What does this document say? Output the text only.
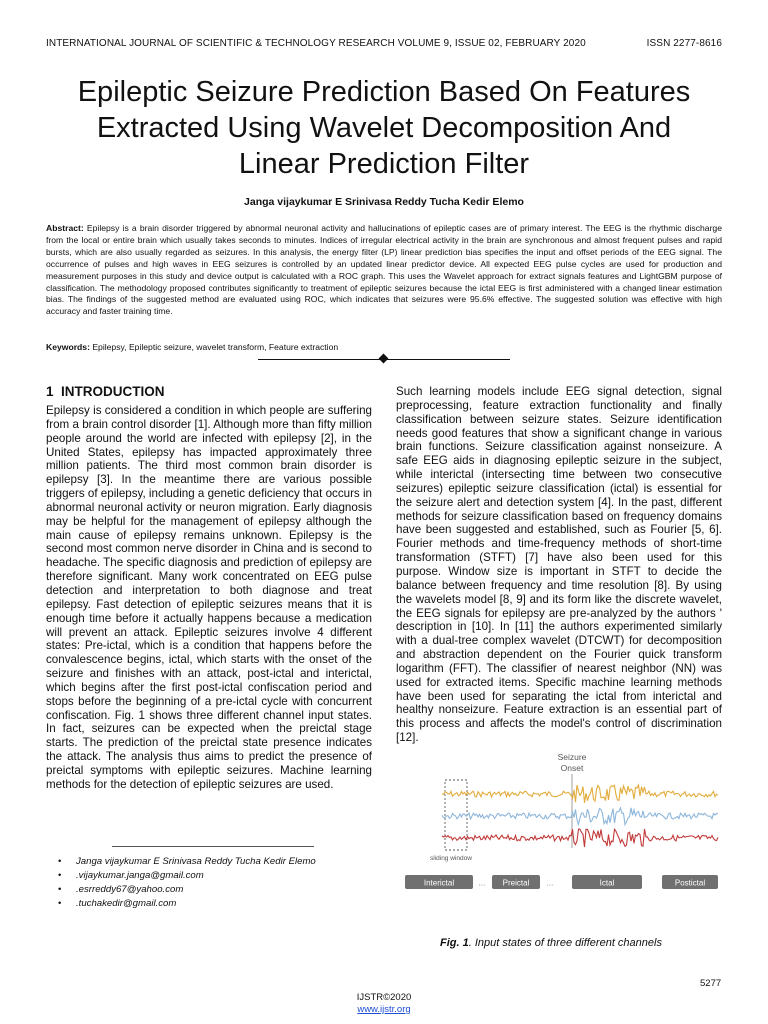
INTERNATIONAL JOURNAL OF SCIENTIFIC & TECHNOLOGY RESEARCH VOLUME 9, ISSUE 02, FEBRUARY 2020	ISSN 2277-8616
Epileptic Seizure Prediction Based On Features
Extracted Using Wavelet Decomposition And
Linear Prediction Filter
Janga vijaykumar E Srinivasa Reddy Tucha Kedir Elemo
Abstract: Epilepsy is a brain disorder triggered by abnormal neuronal activity and hallucinations of epileptic cases are of primary interest. The EEG is the rhythmic discharge from the local or entire brain which usually takes seconds to minutes. Indices of irregular electrical activity in the brain are synchronous and almost frequent pulses and rapid bursts, which are also usually regarded as seizures. In this analysis, the energy filter (LP) linear prediction bias specifies the input and offset periods of the EEG signal. The occurrence of pulses and high waves in EEG seizures is controlled by an updated linear predictor device. All expected EEG pulse cycles are used for production and measurement purposes in this study and device output is calculated with a ROC graph. This uses the Wavelet approach for extract signals features and LightGBM purpose of classification. The methodology proposed contributes significantly to treatment of epileptic seizures because the ictal EEG is first administered with a changed linear estimation bias. The findings of the suggested method are evaluated using ROC, which indicates that seizures were 95.6% effective. The suggested solution was effective with high accuracy and faster training time.
Keywords: Epilepsy, Epileptic seizure, wavelet transform, Feature extraction
1 INTRODUCTION
Epilepsy is considered a condition in which people are suffering from a brain control disorder [1]. Although more than fifty million people around the world are infected with epilepsy [2], in the United States, epilepsy has impacted approximately three million patients. The third most common brain disorder is epilepsy [3]. In the meantime there are various possible triggers of epilepsy, including a genetic deficiency that occurs in abnormal neuronal activity or neuron migration. Early diagnosis may be helpful for the management of epilepsy although the main cause of epilepsy remains unknown. Epilepsy is the second most common nerve disorder in China and is second to headache. The specific diagnosis and prediction of epilepsy are therefore significant. Many work concentrated on EEG pulse detection and interpretation to both diagnose and treat epilepsy. Fast detection of epileptic seizures means that it is enough time before it actually happens because a medication will prevent an attack. Epileptic seizures involve 4 different states: Pre-ictal, which is a condition that happens before the convalescence begins, ictal, which starts with the onset of the seizure and finishes with an attack, post-ictal and interictal, which begins after the first post-ictal confiscation period and stops before the beginning of a pre-ictal cycle with concurrent confiscation. Fig. 1 shows three different channel input states. In fact, seizures can be expected when the preictal stage starts. The prediction of the preictal state presence indicates the attack. The analysis thus aims to predict the presence of preictal symptoms with epileptic seizures. Machine learning methods for the detection of epileptic seizures are used.
Such learning models include EEG signal detection, signal preprocessing, feature extraction functionality and finally classification between seizure states. Seizure identification needs good features that show a significant change in various brain functions. Seizure classification against nonseizure. A safe EEG aids in diagnosing epileptic seizure in the subject, while interictal (intersecting time between two consecutive seizures) epileptic seizure classification (ictal) is essential for the seizure alert and detection system [4]. In the past, different methods for seizure classification based on frequency domains have been suggested and established, such as Fourier [5, 6]. Fourier methods and time-frequency methods of short-time transformation (STFT) [7] have also been used for this purpose. Window size is important in STFT to decide the balance between frequency and time resolution [8]. By using the wavelets model [8, 9] and its form like the discrete wavelet, the EEG signals for epilepsy are pre-analyzed by the authors ' description in [10]. In [11] the authors experimented similarly with a dual-tree complex wavelet (DTCWT) for decomposition and abstraction dependent on the Fourier quick transform logarithm (FFT). The classifier of nearest neighbor (NN) was used for extracted items. Specific machine learning methods have been used for separating the ictal from interictal and healthy nonseizure. Feature extraction is an essential part of this process and affects the model's control of discrimination [12].
• Janga vijaykumar E Srinivasa Reddy Tucha Kedir Elemo
• .vijaykumar.janga@gmail.com
• .esrreddy67@yahoo.com
• .tuchakedir@gmail.com
Seizure
Onset
sliding window
Interictal	... Preictal ...	Ictal	Postictal
Fig. 1. Input states of three different channels
5277
IJSTR©2020
www.ijstr.org
